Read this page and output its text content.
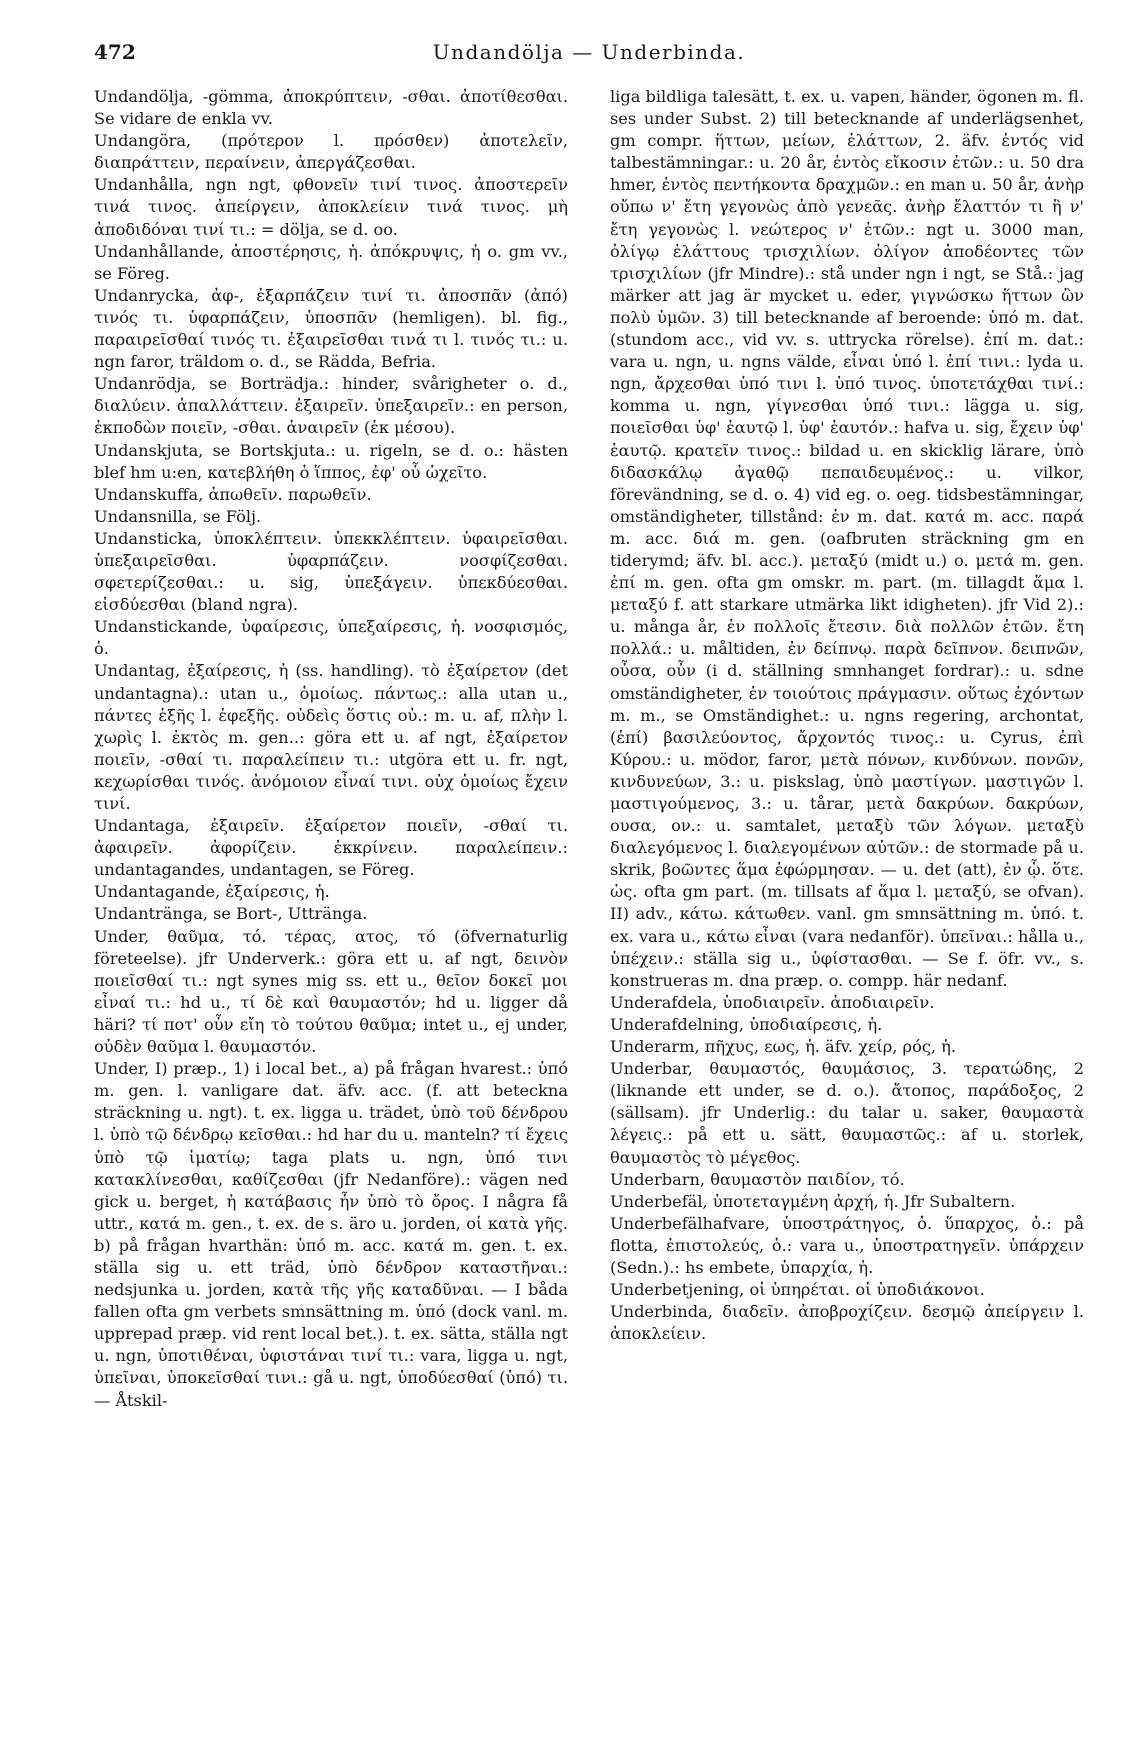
472	Undandölja — Underbinda.

Undandölja, -gömma, ἀποκρύπτειν, -σθαι. ἀποτίθεσθαι. Se vidare de enkla vv.

Undangöra, (πρότερον l. πρόσθεν) ἀποτελεῖν, διαπράττειν, περαίνειν, ἀπεργάζεσθαι.

Undanhålla, ngn ngt, φθονεῖν τινί τινος. ἀποστερεῖν τινά τινος. ἀπείργειν, ἀποκλείειν τινά τινος. μὴ ἀποδιδόναι τινί τι.: = dölja, se d. oo.

Undanhållande, ἀποστέρησις, ἡ. ἀπόκρυψις, ἡ o. gm vv., se Föreg.

Undanrycka, ἀφ-, ἐξαρπάζειν τινί τι. ἀποσπᾶν (ἀπό) τινός τι. ὑφαρπάζειν, ὑποσπᾶν (hemligen). bl. fig., παραιρεῖσθαί τινός τι. ἐξαιρεῖσθαι τινά τι l. τινός τι.: u. ngn faror, träldom o. d., se Rädda, Befria.

Undanrödja, se Borträdja.: hinder, svårigheter o. d., διαλύειν. ἀπαλλάττειν. ἐξαιρεῖν. ὑπεξαιρεῖν.: en person, ἐκποδὼν ποιεῖν, -σθαι. ἀναιρεῖν (ἐκ μέσου).

Undanskjuta, se Bortskjuta.: u. rigeln, se d. o.: hästen blef hm u:en, κατεβλήθη ὁ ἵππος, ἐφ' οὗ ὠχεῖτο.

Undanskuffa, ἀπωθεῖν. παρωθεῖν.

Undansnilla, se Följ.

Undansticka, ὑποκλέπτειν. ὑπεκκλέπτειν. ὑφαιρεῖσθαι. ὑπεξαιρεῖσθαι. ὑφαρπάζειν. νοσφίζεσθαι. σφετερίζεσθαι.: u. sig, ὑπεξάγειν. ὑπεκδύεσθαι. εἰσδύεσθαι (bland ngra).

Undanstickande, ὑφαίρεσις, ὑπεξαίρεσις, ἡ. νοσφισμός, ὁ.

Undantag, ἐξαίρεσις, ἡ (ss. handling). τὸ ἐξαίρετον (det undantagna).: utan u., ὁμοίως. πάντως.: alla utan u., πάντες ἑξῆς l. ἐφεξῆς. οὐδεὶς ὅστις οὐ.: m. u. af, πλὴν l. χωρὶς l. ἐκτὸς m. gen..: göra ett u. af ngt, ἐξαίρετον ποιεῖν, -σθαί τι. παραλείπειν τι.: utgöra ett u. fr. ngt, κεχωρίσθαι τινός. ἀνόμοιον εἶναί τινι. οὐχ ὁμοίως ἔχειν τινί.

Undantaga, ἐξαιρεῖν. ἐξαίρετον ποιεῖν, -σθαί τι. ἀφαιρεῖν. ἀφορίζειν. ἐκκρίνειν. παραλείπειν.: undantagandes, undantagen, se Föreg.

Undantagande, ἐξαίρεσις, ἡ.

Undantränga, se Bort-, Uttränga.

Under, θαῦμα, τό. τέρας, ατος, τό (öfvernaturlig företeelse). jfr Underverk.: göra ett u. af ngt, δεινὸν ποιεῖσθαί τι.: ngt synes mig ss. ett u., θεῖον δοκεῖ μοι εἶναί τι.: hd u., τί δὲ καὶ θαυμαστόν; hd u. ligger då häri? τί ποτ' οὖν εἴη τὸ τούτου θαῦμα; intet u., ej under, οὐδὲν θαῦμα l. θαυμαστόν.

Under, I) præp., 1) i local bet., a) på frågan hvarest.: ὑπό m. gen. l. vanligare dat. äfv. acc. (f. att beteckna sträckning u. ngt). t. ex. ligga u. trädet, ὑπὸ τοῦ δένδρου l. ὑπὸ τῷ δένδρῳ κεῖσθαι.: hd har du u. manteln? τί ἔχεις ὑπὸ τῷ ἱματίῳ; taga plats u. ngn, ὑπό τινι κατακλίνεσθαι, καθίζεσθαι (jfr Nedanföre).: vägen ned gick u. berget, ἡ κατάβασις ἦν ὑπὸ τὸ ὄρος. I några få uttr., κατά m. gen., t. ex. de s. äro u. jorden, οἱ κατὰ γῆς. b) på frågan hvarthän: ὑπό m. acc. κατά m. gen. t. ex. ställa sig u. ett träd, ὑπὸ δένδρον καταστῆναι.: nedsjunka u. jorden, κατὰ τῆς γῆς καταδῦναι. — I båda fallen ofta gm verbets smnsättning m. ὑπό (dock vanl. m. upprepad præp. vid rent local bet.). t. ex. sätta, ställa ngt u. ngn, ὑποτιθέναι, ὑφιστάναι τινί τι.: vara, ligga u. ngt, ὑπεῖναι, ὑποκεῖσθαί τινι.: gå u. ngt, ὑποδύεσθαί (ὑπό) τι. — Åtskil-

liga bildliga talesätt, t. ex. u. vapen, händer, ögonen m. fl. ses under Subst. 2) till betecknande af underlägsenhet, gm compr. ἥττων, μείων, ἐλάττων, 2. äfv. ἐντός vid talbestämningar.: u. 20 år, ἐντὸς εἴκοσιν ἐτῶν.: u. 50 dra hmer, ἐντὸς πεντήκοντα δραχμῶν.: en man u. 50 år, ἀνὴρ οὔπω ν' ἔτη γεγονὼς ἀπὸ γενεᾶς. ἀνὴρ ἔλαττόν τι ἢ ν' ἔτη γεγονὼς l. νεώτερος ν' ἐτῶν.: ngt u. 3000 man, ὀλίγῳ ἐλάττους τρισχιλίων. ὀλίγον ἀποδέοντες τῶν τρισχιλίων (jfr Mindre).: stå under ngn i ngt, se Stå.: jag märker att jag är mycket u. eder, γιγνώσκω ἥττων ὢν πολὺ ὑμῶν. 3) till betecknande af beroende: ὑπό m. dat. (stundom acc., vid vv. s. uttrycka rörelse). ἐπί m. dat.: vara u. ngn, u. ngns välde, εἶναι ὑπό l. ἐπί τινι.: lyda u. ngn, ἄρχεσθαι ὑπό τινι l. ὑπό τινος. ὑποτετάχθαι τινί.: komma u. ngn, γίγνεσθαι ὑπό τινι.: lägga u. sig, ποιεῖσθαι ὑφ' ἑαυτῷ l. ὑφ' ἑαυτόν.: hafva u. sig, ἔχειν ὑφ' ἑαυτῷ. κρατεῖν τινος.: bildad u. en skicklig lärare, ὑπὸ διδασκάλῳ ἀγαθῷ πεπαιδευμένος.: u. vilkor, förevändning, se d. o. 4) vid eg. o. oeg. tidsbestämningar, omständigheter, tillstånd: ἐν m. dat. κατά m. acc. παρά m. acc. διά m. gen. (oafbruten sträckning gm en tiderymd; äfv. bl. acc.). μεταξύ (midt u.) o. μετά m. gen. ἐπί m. gen. ofta gm omskr. m. part. (m. tillagdt ἅμα l. μεταξύ f. att starkare utmärka likt idigheten). jfr Vid 2).: u. många år, ἐν πολλοῖς ἔτεσιν. διὰ πολλῶν ἐτῶν. ἔτη πολλά.: u. måltiden, ἐν δείπνῳ. παρὰ δεῖπνον. δειπνῶν, οὖσα, οὖν (i d. ställning smnhanget fordrar).: u. sdne omständigheter, ἐν τοιούτοις πράγμασιν. οὕτως ἐχόντων m. m., se Omständighet.: u. ngns regering, archontat, (ἐπί) βασιλεύοντος, ἄρχοντός τινος.: u. Cyrus, ἐπὶ Κύρου.: u. mödor, faror, μετὰ πόνων, κινδύνων. πονῶν, κινδυνεύων, 3.: u. piskslag, ὑπὸ μαστίγων. μαστιγῶν l. μαστιγούμενος, 3.: u. tårar, μετὰ δακρύων. δακρύων, ουσα, ον.: u. samtalet, μεταξὺ τῶν λόγων. μεταξὺ διαλεγόμενος l. διαλεγομένων αὐτῶν.: de stormade på u. skrik, βοῶντες ἅμα ἐφώρμησαν. — u. det (att), ἐν ᾧ. ὅτε. ὡς. ofta gm part. (m. tillsats af ἅμα l. μεταξύ, se ofvan). II) adv., κάτω. κάτωθεν. vanl. gm smnsättning m. ὑπό. t. ex. vara u., κάτω εἶναι (vara nedanför). ὑπεῖναι.: hålla u., ὑπέχειν.: ställa sig u., ὑφίστασθαι. — Se f. öfr. vv., s. konstrueras m. dna præp. o. compp. här nedanf.

Underafdela, ὑποδιαιρεῖν. ἀποδιαιρεῖν.

Underafdelning, ὑποδιαίρεσις, ἡ.

Underarm, πῆχυς, εως, ἡ. äfv. χείρ, ρός, ἡ.

Underbar, θαυμαστός, θαυμάσιος, 3. τερατώδης, 2 (liknande ett under, se d. o.). ἄτοπος, παράδοξος, 2 (sällsam). jfr Underlig.: du talar u. saker, θαυμαστὰ λέγεις.: på ett u. sätt, θαυμαστῶς.: af u. storlek, θαυμαστὸς τὸ μέγεθος.

Underbarn, θαυμαστὸν παιδίον, τό.

Underbefäl, ὑποτεταγμένη ἀρχή, ἡ. Jfr Subaltern.

Underbefälhafvare, ὑποστράτηγος, ὁ. ὕπαρχος, ὁ.: på flotta, ἐπιστολεύς, ὁ.: vara u., ὑποστρατηγεῖν. ὑπάρχειν (Sedn.).: hs embete, ὑπαρχία, ἡ.

Underbetjening, οἱ ὑπηρέται. οἱ ὑποδιάκονοι.

Underbinda, διαδεῖν. ἀποβροχίζειν. δεσμῷ ἀπείργειν l. ἀποκλείειν.
